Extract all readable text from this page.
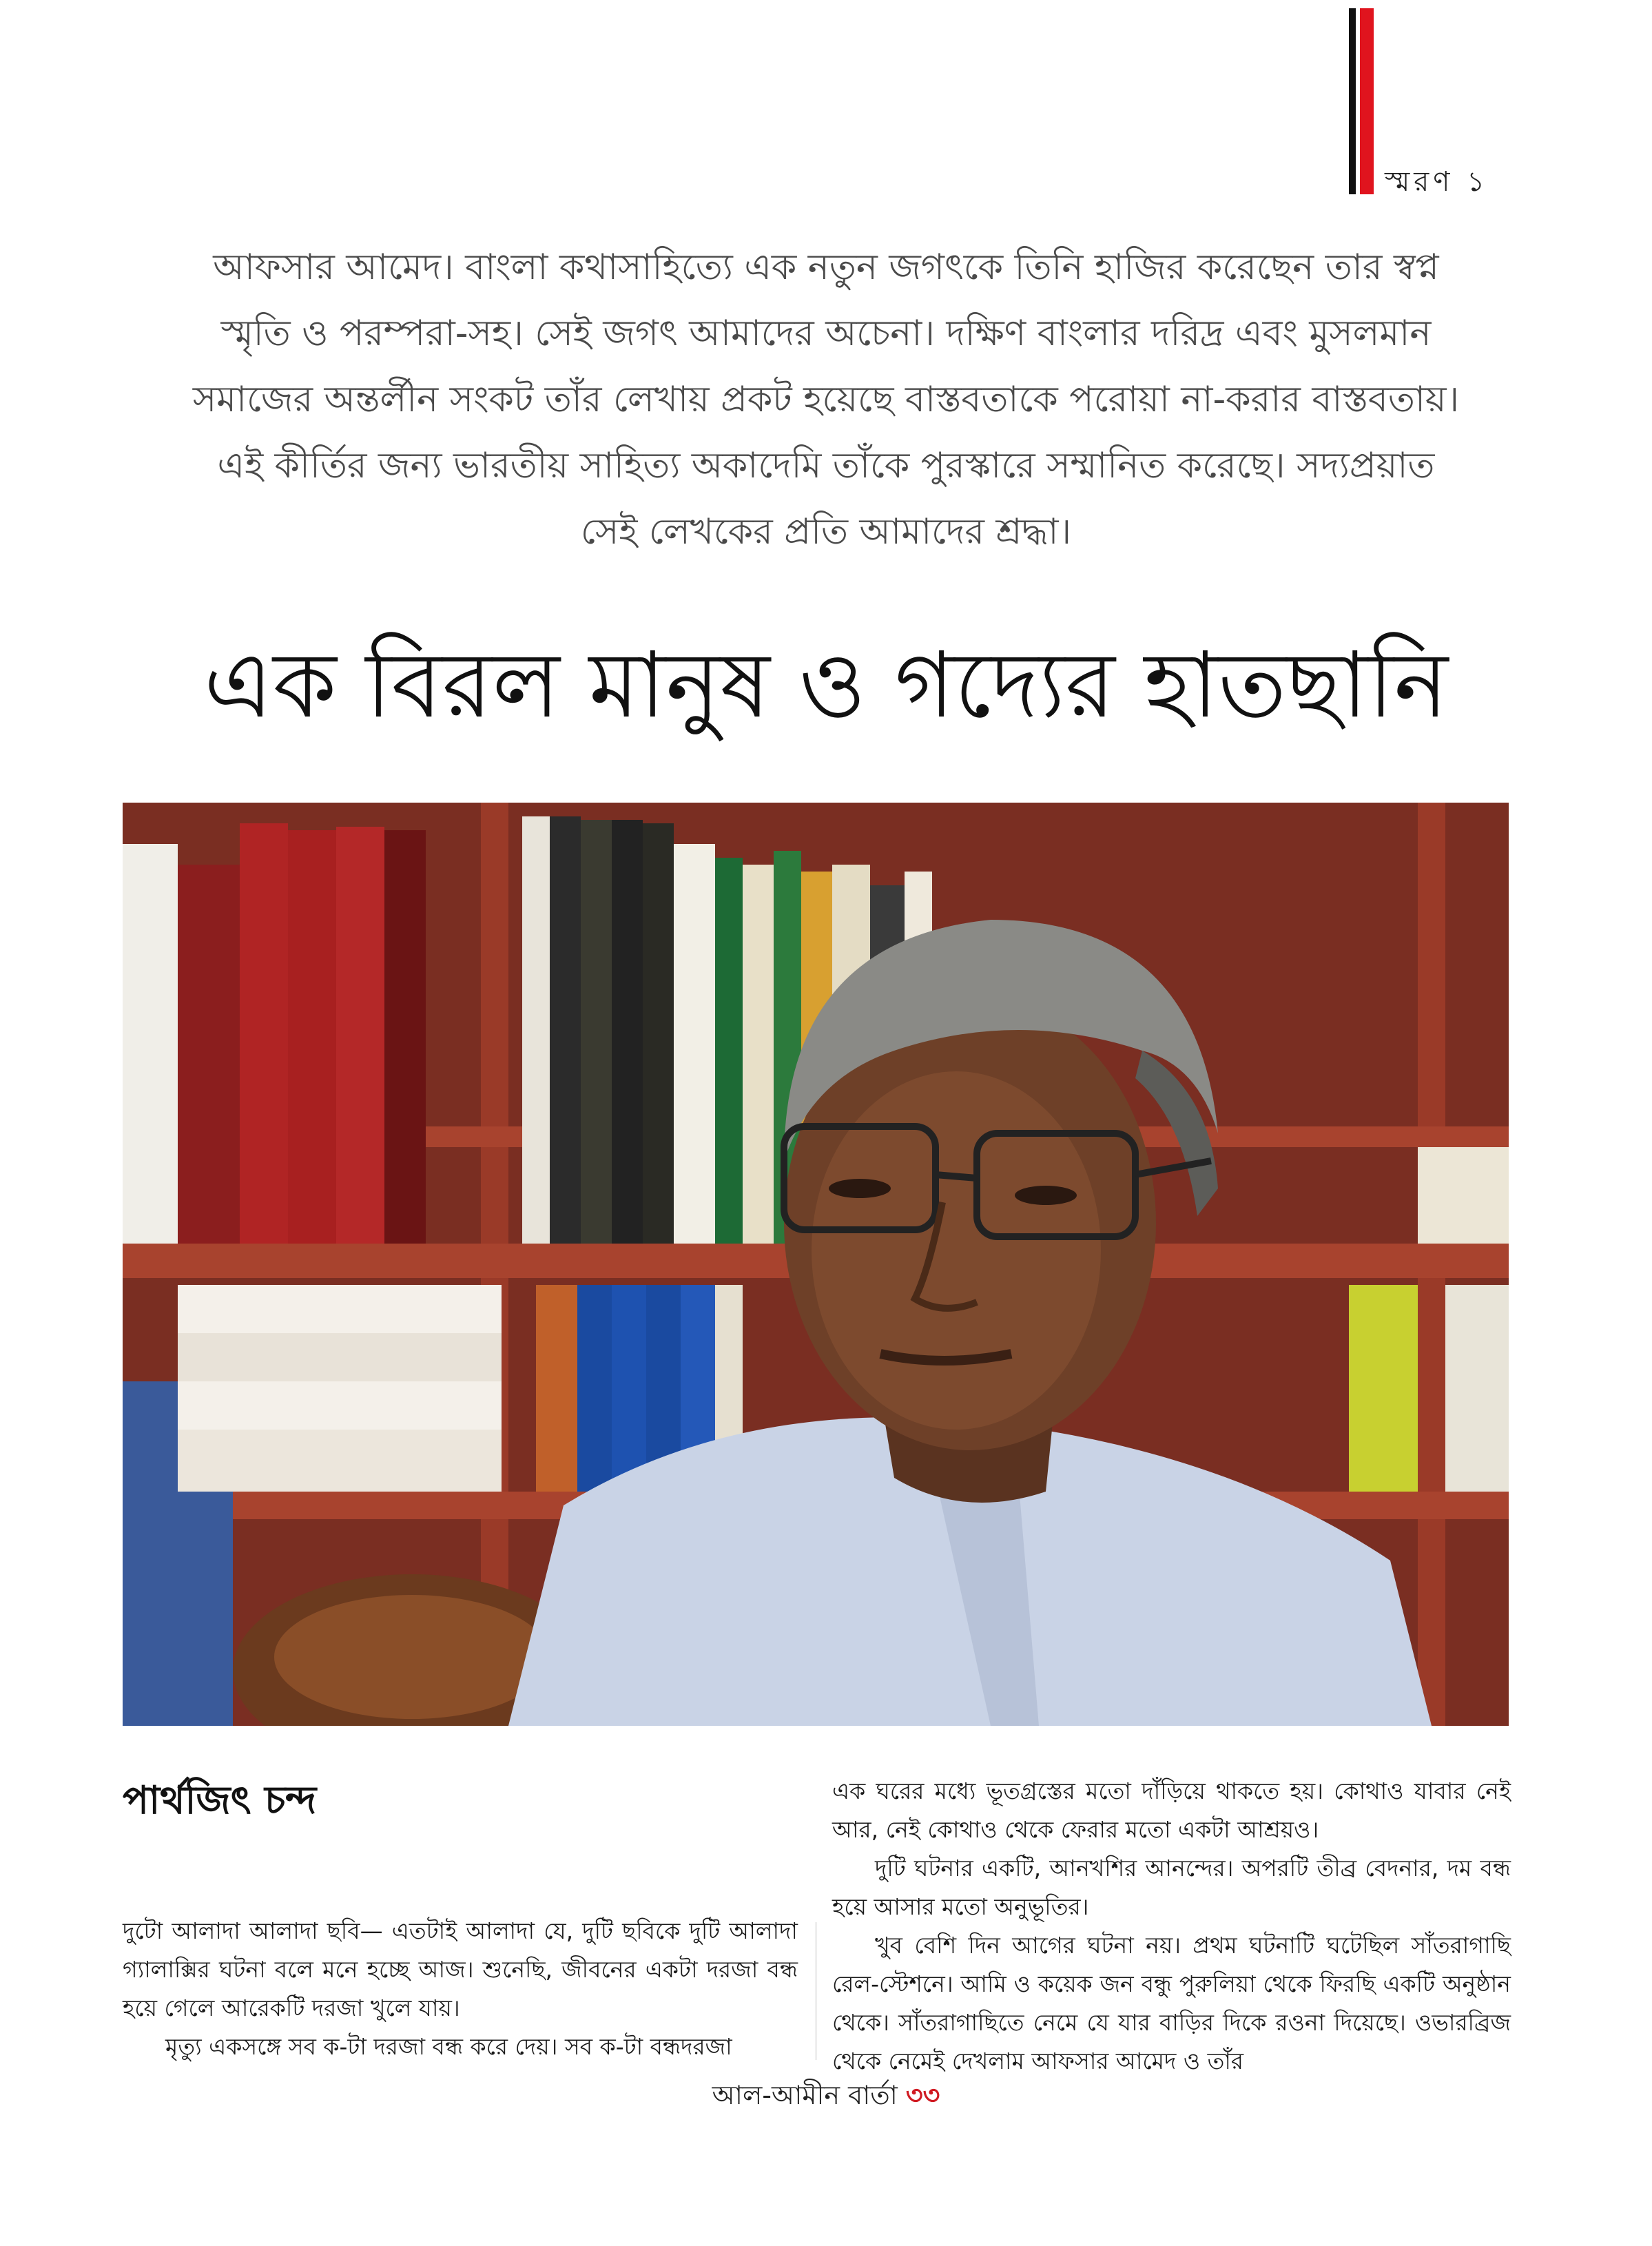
স্মরণ ১
আফসার আমেদ। বাংলা কথাসাহিত্যে এক নতুন জগৎকে তিনি হাজির করেছেন তার স্বপ্ন
স্মৃতি ও পরম্পরা-সহ। সেই জগৎ আমাদের অচেনা। দক্ষিণ বাংলার দরিদ্র এবং মুসলমান
সমাজের অন্তর্লীন সংকট তাঁর লেখায় প্রকট হয়েছে বাস্তবতাকে পরোয়া না-করার বাস্তবতায়।
এই কীর্তির জন্য ভারতীয় সাহিত্য অকাদেমি তাঁকে পুরস্কারে সম্মানিত করেছে। সদ্যপ্রয়াত
সেই লেখকের প্রতি আমাদের শ্রদ্ধা।
এক বিরল মানুষ ও গদ্যের হাতছানি
পার্থজিৎ চন্দ

দুটো আলাদা আলাদা ছবি— এতটাই আলাদা যে, দুটি ছবিকে দুটি আলাদা গ্যালাক্সির ঘটনা বলে মনে হচ্ছে আজ। শুনেছি, জীবনের একটা দরজা বন্ধ হয়ে গেলে আরেকটি দরজা খুলে যায়।

মৃত্যু একসঙ্গে সব ক-টা দরজা বন্ধ করে দেয়। সব ক-টা বন্ধদরজা

এক ঘরের মধ্যে ভূতগ্রস্তের মতো দাঁড়িয়ে থাকতে হয়। কোথাও যাবার নেই আর, নেই কোথাও থেকে ফেরার মতো একটা আশ্রয়ও।

দুটি ঘটনার একটি, আনখশির আনন্দের। অপরটি তীব্র বেদনার, দম বন্ধ হয়ে আসার মতো অনুভূতির।

খুব বেশি দিন আগের ঘটনা নয়। প্রথম ঘটনাটি ঘটেছিল সাঁতরাগাছি রেল-স্টেশনে। আমি ও কয়েক জন বন্ধু পুরুলিয়া থেকে ফিরছি একটি অনুষ্ঠান থেকে। সাঁতরাগাছিতে নেমে যে যার বাড়ির দিকে রওনা দিয়েছে। ওভারব্রিজ থেকে নেমেই দেখলাম আফসার আমেদ ও তাঁর

আল-আমীন বার্তা ৩৩
